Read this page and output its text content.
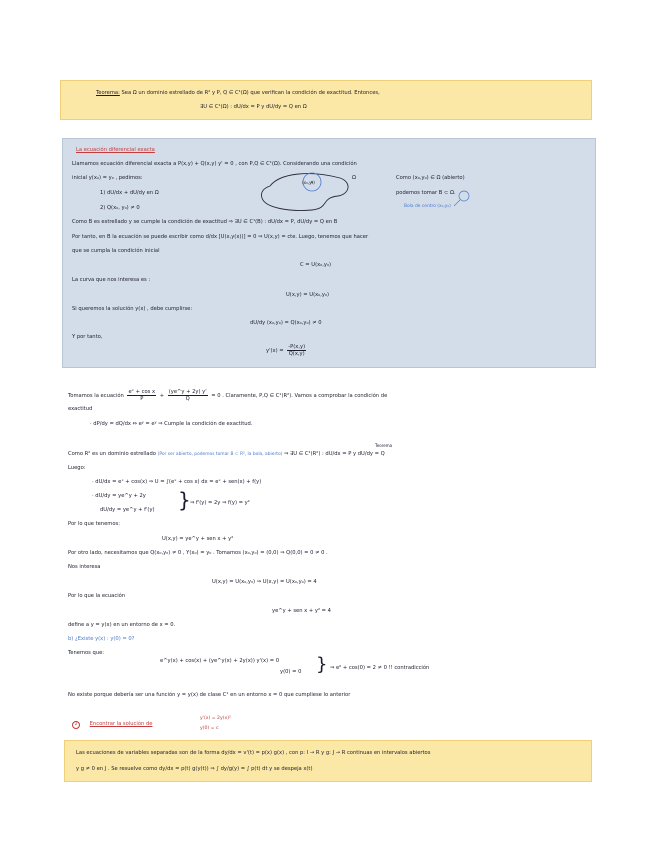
Teorema: Sea Ω un dominio estrellado de R² y P, Q ∈ C¹(Ω) que verifican la condición de exactitud. Entonces,
∃U ∈ C¹(Ω) : dU/dx = P y dU/dy = Q en Ω
La ecuación diferencial exacta
Llamamos ecuación diferencial exacta a P(x,y) + Q(x,y) y' = 0 , con P,Q ∈ C¹(Ω). Considerando una condición
inicial y(x₀) = y₀ , pedimos:	Ω	Como (x₀,y₀) ∈ Ω (abierto)
1) dU/dx + dU/dy en Ω
2) Q(x₀, y₀) ≠ 0
podemos tomar B ⊂ Ω.
Bola de centro (x₀,y₀)
(x₀,y₀)
Como B es estrellado y se cumple la condición de exactitud ⇒ ∃U ∈ C¹(B) : dU/dx = P, dU/dy = Q en B
Por tanto, en B la ecuación se puede escribir como d/dx [U(x,y(x))] = 0 ⇒ U(x,y) = cte. Luego, tenemos que hacer
que se cumpla la condición inicial
C = U(x₀,y₀)
La curva que nos interesa es :
U(x,y) = U(x₀,y₀)
Si queremos la solución y(x) , debe cumplirse:
dU/dy (x₀,y₀) = Q(x₀,y₀) ≠ 0
Y por tanto,
$y'(x) = \frac{-P(x,y)}{Q(x,y)}$
Tomamos la ecuación $\frac{\text{eˣ + cos x}}{P} + \frac{(ye\^{}y + 2y) y'}{Q} = 0$ . Claramente, P,Q ∈ C¹(R²). Vamos a comprobar la condición de
exactitud
· dP/dy = dQ/dx ⇔ eʸ = eʸ ⇒ Cumple la condición de exactitud.
Como R² es un dominio estrellado (Por ser abierto, podemos tomar B ⊂ R², la bola, abierto) ⇒ ∃U ∈ C¹(R²) : dU/dx = P y dU/dy = Q
Teorema
Luego:
· dU/dx = eˣ + cos(x) ⇒ U = ∫(eˣ + cos x) dx = eˣ + sen(x) + f(y)
· dU/dy = ye^y + 2y
dU/dy = ye^y + f'(y) } ⇒ f'(y) = 2y ⇒ f(y) = y²
Por lo que tenemos:
U(x,y) = ye^y + sen x + y²
Por otro lado, necesitamos que Q(x₀,y₀) ≠ 0 , Y(x₀) = y₀ . Tomamos (x₀,y₀) = (0,0) ⇒ Q(0,0) = 0 ≠ 0 .
Nos interesa
U(x,y) = U(x₀,y₀) ⇒ U(x,y) = U(x₀,y₀) = 4
Por lo que la ecuación
ye^y + sen x + y² = 4
define a y = y(x) en un entorno de x = 0.
b) ¿Existe y(x) : y(0) = 0?
Tenemos que:
e^y(x) + cos(x) + (ye^y(x) + 2y(x)) y'(x) = 0
y(0) = 0 } ⇒ e⁰ + cos(0) = 2 ≠ 0 !! contradicción
No existe porque debería ser una función y = y(x) de clase C¹ en un entorno x = 0 que cumpliese lo anterior
2 Encontrar la solución de
y'(x) = 2y(x)²
y(0) = c
Las ecuaciones de variables separadas son de la forma dy/dx = v'(t) = p(x) g(x) , con p: I → R y g: J → R continuas en intervalos abiertos
y g ≠ 0 en J . Se resuelve como dy/dx = p(t) g(y(t)) ⇒ ∫ dy/g(y) = ∫ p(t) dt y se despeja x(t)
